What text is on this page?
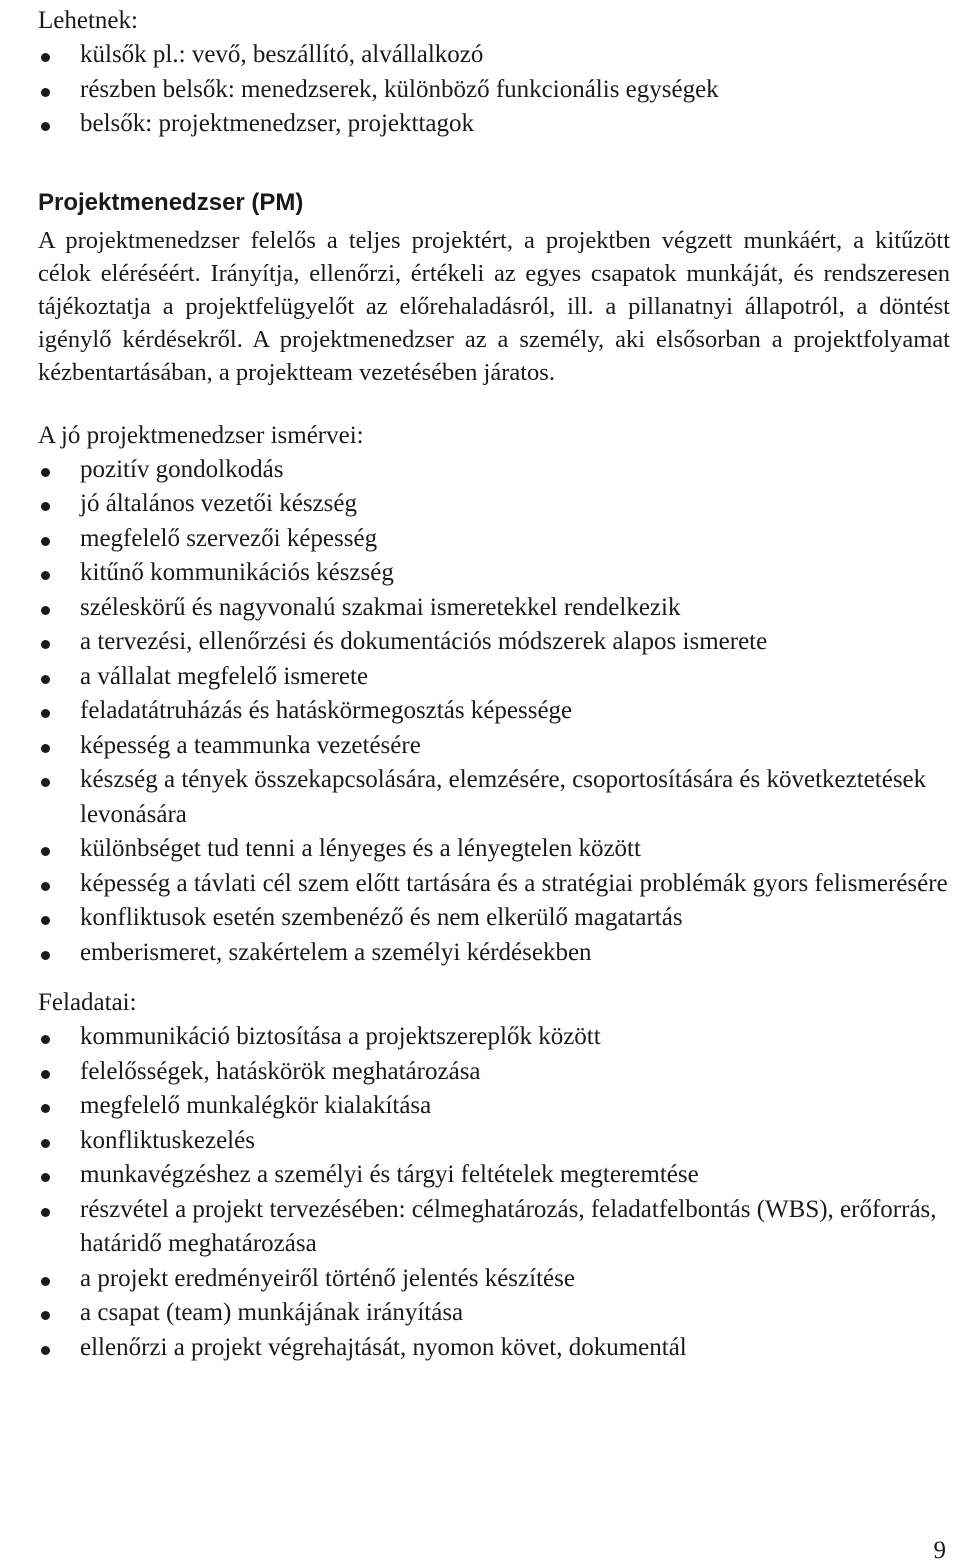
Lehetnek:

külsők pl.: vevő, beszállító, alvállalkozó
részben belsők: menedzserek, különböző funkcionális egységek
belsők: projektmenedzser, projekttagok
Projektmenedzser (PM)

A projektmenedzser felelős a teljes projektért, a projektben végzett munkáért, a kitűzött célok eléréséért. Irányítja, ellenőrzi, értékeli az egyes csapatok munkáját, és rendszeresen tájékoztatja a projektfelügyelőt az előrehaladásról, ill. a pillanatnyi állapotról, a döntést igénylő kérdésekről. A projektmenedzser az a személy, aki elsősorban a projektfolyamat kézbentartásában, a projektteam vezetésében járatos.

A jó projektmenedzser ismérvei:

pozitív gondolkodás
jó általános vezetői készség
megfelelő szervezői képesség
kitűnő kommunikációs készség
széleskörű és nagyvonalú szakmai ismeretekkel rendelkezik
a tervezési, ellenőrzési és dokumentációs módszerek alapos ismerete
a vállalat megfelelő ismerete
feladatátruházás és hatáskörmegosztás képessége
képesség a teammunka vezetésére
készség a tények összekapcsolására, elemzésére, csoportosítására és következtetések levonására
különbséget tud tenni a lényeges és a lényegtelen között
képesség a távlati cél szem előtt tartására és a stratégiai problémák gyors felismerésére
konfliktusok esetén szembenéző és nem elkerülő magatartás
emberismeret, szakértelem a személyi kérdésekben

Feladatai:

kommunikáció biztosítása a projektszereplők között
felelősségek, hatáskörök meghatározása
megfelelő munkalégkör kialakítása
konfliktuskezelés
munkavégzéshez a személyi és tárgyi feltételek megteremtése
részvétel a projekt tervezésében: célmeghatározás, feladatfelbontás (WBS), erőforrás, határidő meghatározása
a projekt eredményeiről történő jelentés készítése
a csapat (team) munkájának irányítása
ellenőrzi a projekt végrehajtását, nyomon követ, dokumentál
9
